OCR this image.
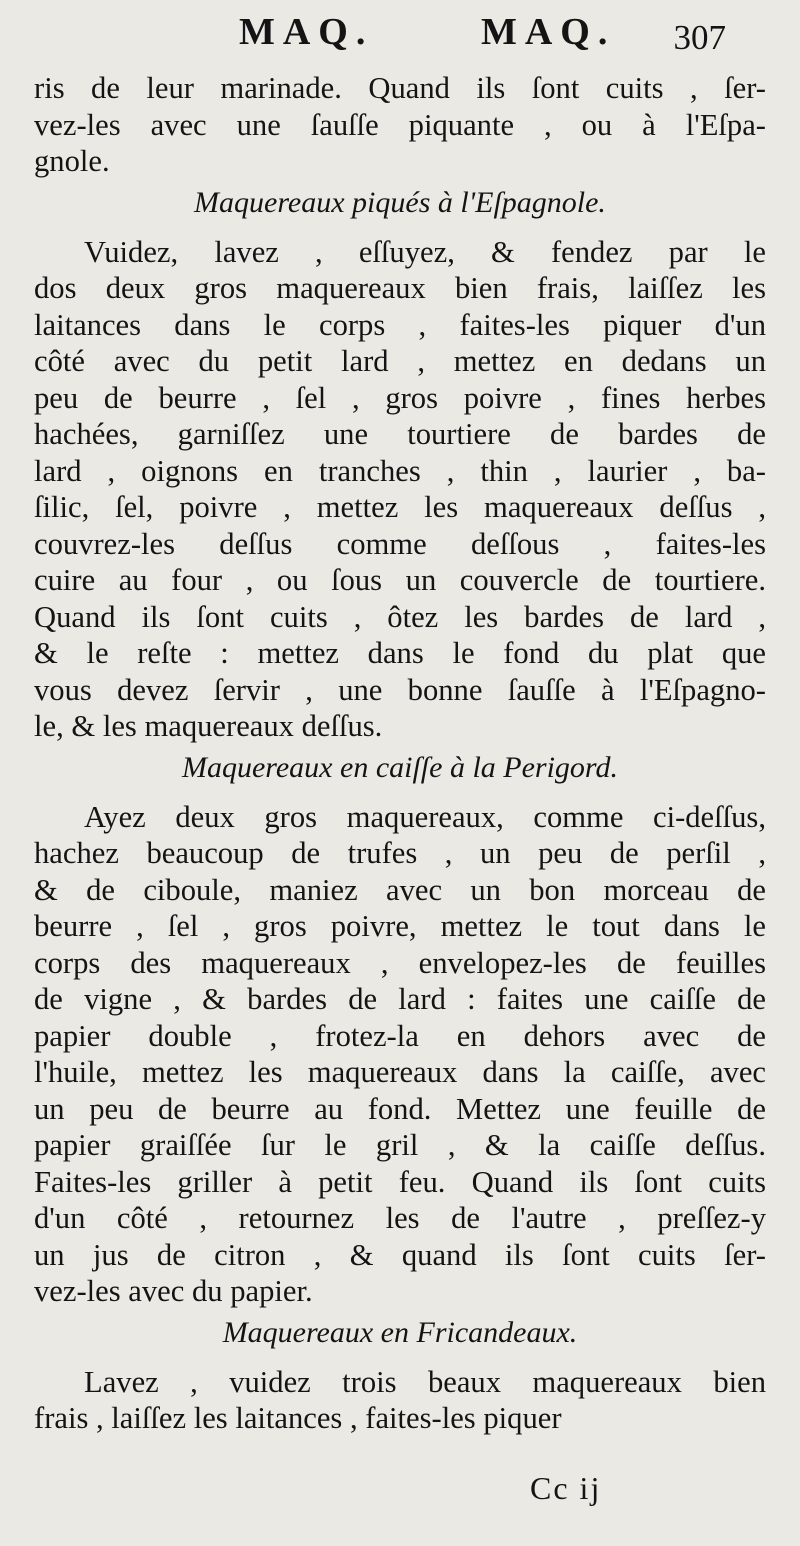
MAQ.	MAQ. 307
ris de leur marinade. Quand ils ſont cuits , ſer-
vez-les avec une ſauſſe piquante , ou à l'Eſpa-
gnole.
Maquereaux piqués à l'Eſpagnole.
Vuidez, lavez , eſſuyez, & fendez par le
dos deux gros maquereaux bien frais, laiſſez les
laitances dans le corps , faites-les piquer d'un
côté avec du petit lard , mettez en dedans un
peu de beurre , ſel , gros poivre , fines herbes
hachées, garniſſez une tourtiere de bardes de
lard , oignons en tranches , thin , laurier , ba-
ſilic, ſel, poivre , mettez les maquereaux deſſus ,
couvrez-les deſſus comme deſſous , faites-les
cuire au four , ou ſous un couvercle de tourtiere.
Quand ils ſont cuits , ôtez les bardes de lard ,
& le reſte : mettez dans le fond du plat que
vous devez ſervir , une bonne ſauſſe à l'Eſpagno-
le, & les maquereaux deſſus.
Maquereaux en caiſſe à la Perigord.
Ayez deux gros maquereaux, comme ci-deſſus,
hachez beaucoup de trufes , un peu de perſil ,
& de ciboule, maniez avec un bon morceau de
beurre , ſel , gros poivre, mettez le tout dans le
corps des maquereaux , envelopez-les de feuilles
de vigne , & bardes de lard : faites une caiſſe de
papier double , frotez-la en dehors avec de
l'huile, mettez les maquereaux dans la caiſſe, avec
un peu de beurre au fond. Mettez une feuille de
papier graiſſée ſur le gril , & la caiſſe deſſus.
Faites-les griller à petit feu. Quand ils ſont cuits
d'un côté , retournez les de l'autre , preſſez-y
un jus de citron , & quand ils ſont cuits ſer-
vez-les avec du papier.
Maquereaux en Fricandeaux.
Lavez , vuidez trois beaux maquereaux bien
frais , laiſſez les laitances , faites-les piquer
Cc ij
